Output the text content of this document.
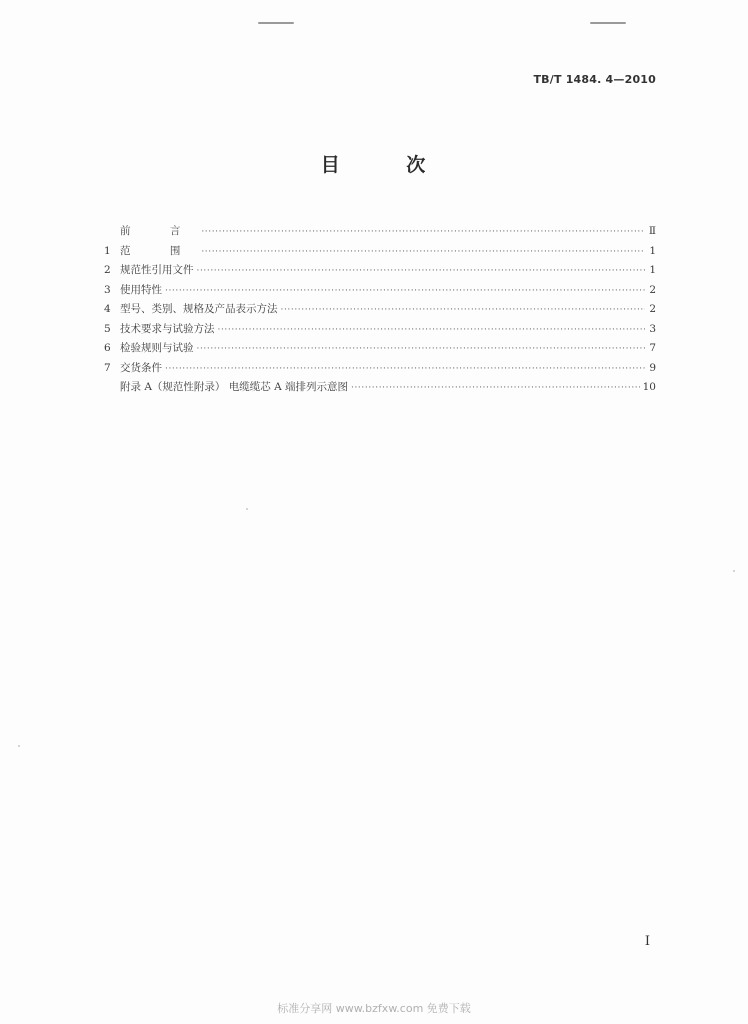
TB/T 1484. 4—2010
目 次
前 言 ·····	Ⅱ
1 范 围 ·····	1
2 规范性引用文件 ·····	1
3 使用特性 ·····	2
4 型号、类别、规格及产品表示方法 ·····	2
5 技术要求与试验方法 ·····	3
6 检验规则与试验 ·····	7
7 交货条件 ·····	9
附录 A（规范性附录） 电缆缆芯 A 端排列示意图 ·····	10
I
标准分享网 www.bzfxw.com 免费下载
